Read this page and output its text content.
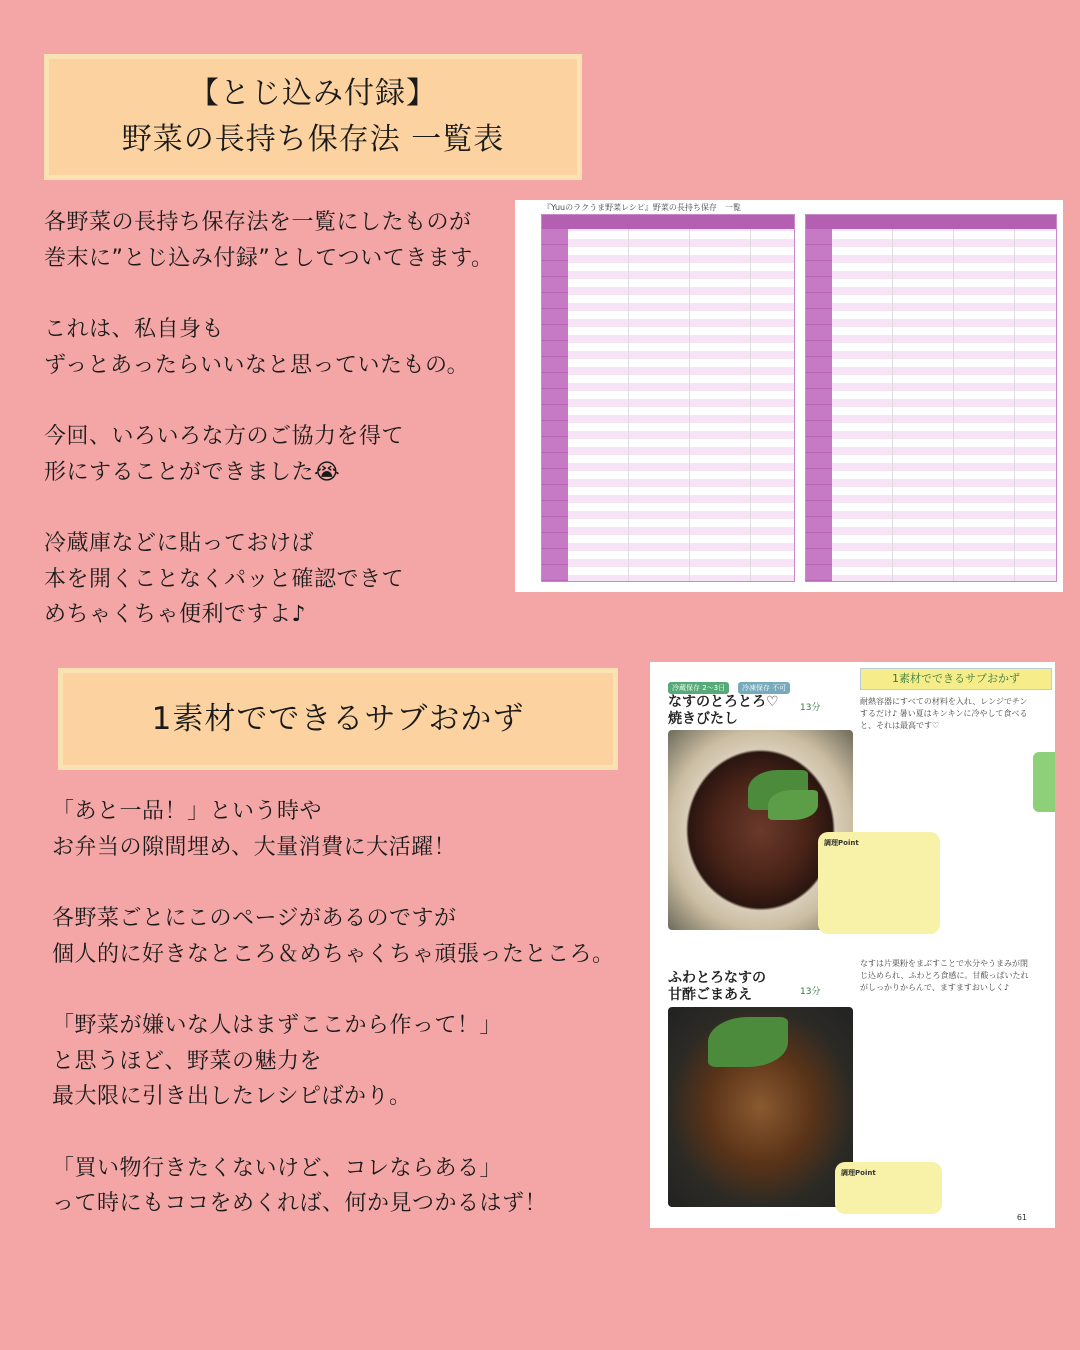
【とじ込み付録】
野菜の長持ち保存法 一覧表
各野菜の長持ち保存法を一覧にしたものが
巻末に”とじ込み付録”としてついてきます。
これは、私自身も
ずっとあったらいいなと思っていたもの。
今回、いろいろな方のご協力を得て
形にすることができました😭
冷蔵庫などに貼っておけば
本を開くことなくパッと確認できて
めちゃくちゃ便利ですよ♪
『Yuuのラクうま野菜レシピ』野菜の長持ち保存　一覧
1素材でできるサブおかず
「あと一品！」という時や
お弁当の隙間埋め、大量消費に大活躍！
各野菜ごとにこのページがあるのですが
個人的に好きなところ＆めちゃくちゃ頑張ったところ。
「野菜が嫌いな人はまずここから作って！」
と思うほど、野菜の魅力を
最大限に引き出したレシピばかり。
「買い物行きたくないけど、コレならある」
って時にもココをめくれば、何か見つかるはず！
1素材でできるサブおかず
冷蔵保存 2〜3日	冷凍保存 不可
なすのとろとろ♡
焼きびたし
13分
耐熱容器にすべての材料を入れ、レンジでチンするだけ♪ 暑い夏はキンキンに冷やして食べると、それは最高です♡
調理Point
ふわとろなすの
甘酢ごまあえ	13分
なすは片栗粉をまぶすことで水分やうまみが閉じ込められ、ふわとろ食感に。甘酸っぱいたれがしっかりからんで、ますますおいしく♪
調理Point
61
